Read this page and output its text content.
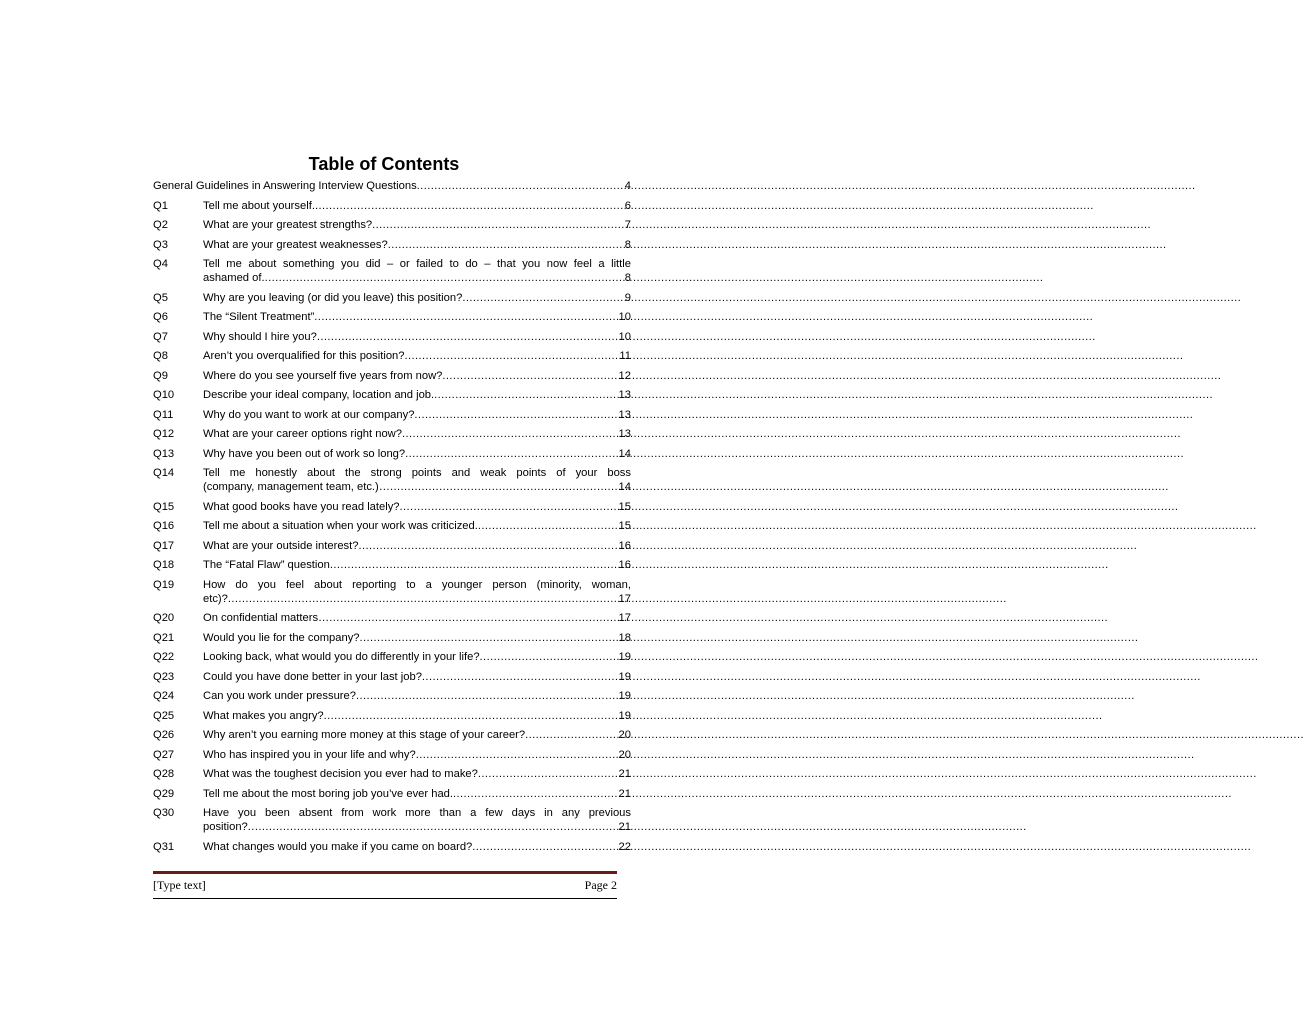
Table of Contents
General Guidelines in Answering Interview Questions .....	4
Q1	Tell me about yourself. .....	6
Q2	What are your greatest strengths? .....	7
Q3	What are your greatest weaknesses? .....	8
Q4	Tell me about something you did – or failed to do – that you now feel a little
ashamed of. .....	8
Q5	Why are you leaving (or did you leave) this position? .....	9
Q6	The “Silent Treatment” .....	10
Q7	Why should I hire you? .....	10
Q8	Aren’t you overqualified for this position? .....	11
Q9	Where do you see yourself five years from now? .....	12
Q10	Describe your ideal company, location and job. .....	13
Q11	Why do you want to work at our company? .....	13
Q12	What are your career options right now? .....	13
Q13	Why have you been out of work so long? .....	14
Q14	Tell me honestly about the strong points and weak points of your boss
(company, management team, etc.)… .....	14
Q15	What good books have you read lately? .....	15
Q16	Tell me about a situation when your work was criticized. .....	15
Q17	What are your outside interest? .....	16
Q18	The “Fatal Flaw” question .....	16
Q19	How do you feel about reporting to a younger person (minority, woman,
etc)? .....	17
Q20	On confidential matters… .....	17
Q21	Would you lie for the company? .....	18
Q22	Looking back, what would you do differently in your life? .....	19
Q23	Could you have done better in your last job? .....	19
Q24	Can you work under pressure? .....	19
Q25	What makes you angry? .....	19
Q26	Why aren’t you earning more money at this stage of your career? .....	20
Q27	Who has inspired you in your life and why? .....	20
Q28	What was the toughest decision you ever had to make? .....	21
Q29	Tell me about the most boring job you’ve ever had. .....	21
Q30	Have you been absent from work more than a few days in any previous
position? .....	21
Q31	What changes would you make if you came on board? .....	22
[Type text]	Page 2
